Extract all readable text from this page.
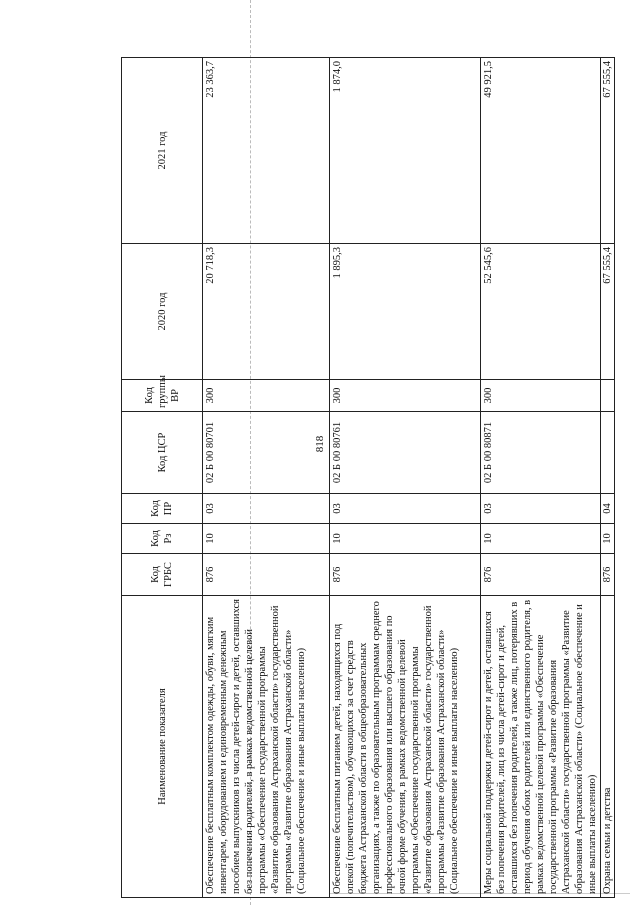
818
Наименование показателя	Код ГРБС	Код Рз	Код ПР	Код ЦСР	Код группы ВР	2020 год	2021 год
Обеспечение бесплатным комплектом одежды, обуви, мягким инвентарем, оборудованием и единовременным денежным пособием выпускников из числа детей-сирот и детей, оставшихся без попечения родителей, в рамках ведомственной целевой программы «Обеспечение государственной программы «Развитие образования Астраханской области» государственной программы «Развитие образования Астраханской области» (Социальное обеспечение и иные выплаты населению)	876	10	03	02 Б 00 80701	300	20 718,3	23 363,7
Обеспечение бесплатным питанием детей, находящихся под опекой (попечительством), обучающихся за счет средств бюджета Астраханской области в общеобразовательных организациях, а также по образовательным программам среднего профессионального образования или высшего образования по очной форме обучения, в рамках ведомственной целевой программы «Обеспечение государственной программы «Развитие образования Астраханской области» государственной программы «Развитие образования Астраханской области» (Социальное обеспечение и иные выплаты населению)	876	10	03	02 Б 00 80761	300	1 895,3	1 874,0
Меры социальной поддержки детей-сирот и детей, оставшихся без попечения родителей, лиц из числа детей-сирот и детей, оставшихся без попечения родителей, а также лиц, потерявших в период обучения обоих родителей или единственного родителя, в рамках ведомственной целевой программы «Обеспечение государственной программы «Развитие образования Астраханской области» государственной программы «Развитие образования Астраханской области» (Социальное обеспечение и иные выплаты населению)	876	10	03	02 Б 00 80871	300	52 545,6	49 921,5
Охрана семьи и детства	876	10	04			67 555,4	67 555,4
